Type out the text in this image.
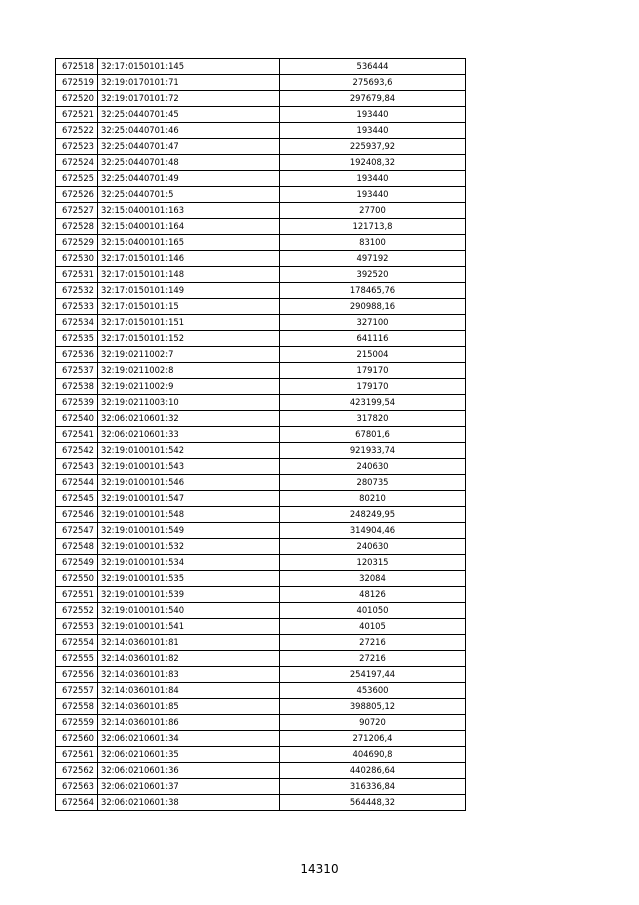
672518	32:17:0150101:145	536444
672519	32:19:0170101:71	275693,6
672520	32:19:0170101:72	297679,84
672521	32:25:0440701:45	193440
672522	32:25:0440701:46	193440
672523	32:25:0440701:47	225937,92
672524	32:25:0440701:48	192408,32
672525	32:25:0440701:49	193440
672526	32:25:0440701:5	193440
672527	32:15:0400101:163	27700
672528	32:15:0400101:164	121713,8
672529	32:15:0400101:165	83100
672530	32:17:0150101:146	497192
672531	32:17:0150101:148	392520
672532	32:17:0150101:149	178465,76
672533	32:17:0150101:15	290988,16
672534	32:17:0150101:151	327100
672535	32:17:0150101:152	641116
672536	32:19:0211002:7	215004
672537	32:19:0211002:8	179170
672538	32:19:0211002:9	179170
672539	32:19:0211003:10	423199,54
672540	32:06:0210601:32	317820
672541	32:06:0210601:33	67801,6
672542	32:19:0100101:542	921933,74
672543	32:19:0100101:543	240630
672544	32:19:0100101:546	280735
672545	32:19:0100101:547	80210
672546	32:19:0100101:548	248249,95
672547	32:19:0100101:549	314904,46
672548	32:19:0100101:532	240630
672549	32:19:0100101:534	120315
672550	32:19:0100101:535	32084
672551	32:19:0100101:539	48126
672552	32:19:0100101:540	401050
672553	32:19:0100101:541	40105
672554	32:14:0360101:81	27216
672555	32:14:0360101:82	27216
672556	32:14:0360101:83	254197,44
672557	32:14:0360101:84	453600
672558	32:14:0360101:85	398805,12
672559	32:14:0360101:86	90720
672560	32:06:0210601:34	271206,4
672561	32:06:0210601:35	404690,8
672562	32:06:0210601:36	440286,64
672563	32:06:0210601:37	316336,84
672564	32:06:0210601:38	564448,32
14310
